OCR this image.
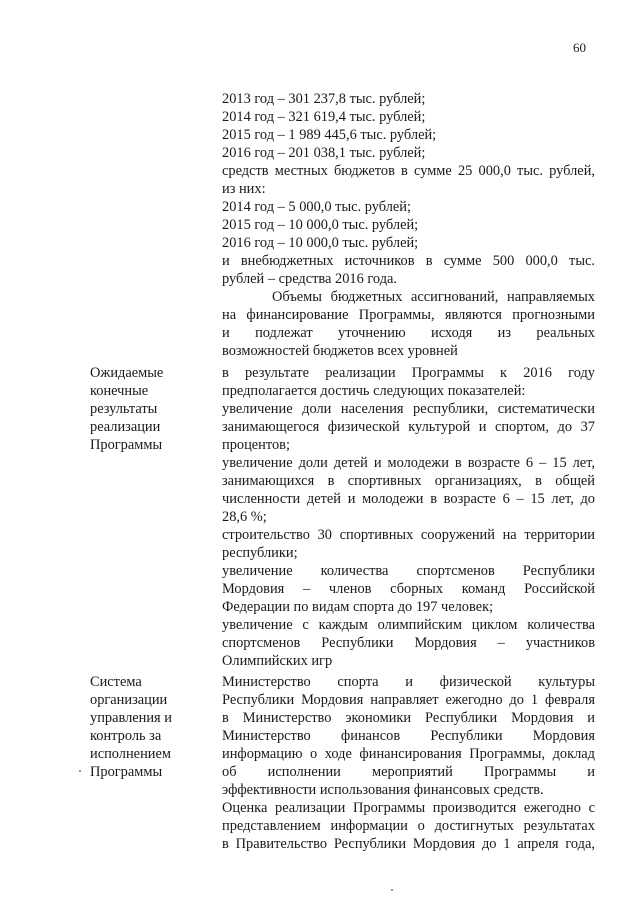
60
2013 год – 301 237,8 тыс. рублей;
2014 год – 321 619,4 тыс. рублей;
2015 год – 1 989 445,6 тыс. рублей;
2016 год – 201 038,1 тыс. рублей;
средств местных бюджетов в сумме 25 000,0 тыс. рублей,
из них:
2014 год – 5 000,0 тыс. рублей;
2015 год – 10 000,0 тыс. рублей;
2016 год – 10 000,0 тыс. рублей;
и внебюджетных источников в сумме 500 000,0 тыс.
рублей – средства 2016 года.
Объемы бюджетных ассигнований, направляемых
на финансирование Программы, являются прогнозными
и подлежат уточнению исходя из реальных
возможностей бюджетов всех уровней
Ожидаемые
конечные
результаты
реализации
Программы
в результате реализации Программы к 2016 году
предполагается достичь следующих показателей:
увеличение доли населения республики, систематически
занимающегося физической культурой и спортом, до 37
процентов;
увеличение доли детей и молодежи в возрасте 6 – 15 лет,
занимающихся в спортивных организациях, в общей
численности детей и молодежи в возрасте 6 – 15 лет, до
28,6 %;
строительство 30 спортивных сооружений на территории
республики;
увеличение количества спортсменов Республики
Мордовия – членов сборных команд Российской
Федерации по видам спорта до 197 человек;
увеличение с каждым олимпийским циклом количества
спортсменов Республики Мордовия – участников
Олимпийских игр
Система
организации
управления и
контроль за
исполнением
Программы
Министерство спорта и физической культуры
Республики Мордовия направляет ежегодно до 1 февраля
в Министерство экономики Республики Мордовия и
Министерство финансов Республики Мордовия
информацию о ходе финансирования Программы, доклад
об исполнении мероприятий Программы и
эффективности использования финансовых средств.
Оценка реализации Программы производится ежегодно с
представлением информации о достигнутых результатах
в Правительство Республики Мордовия до 1 апреля года,
